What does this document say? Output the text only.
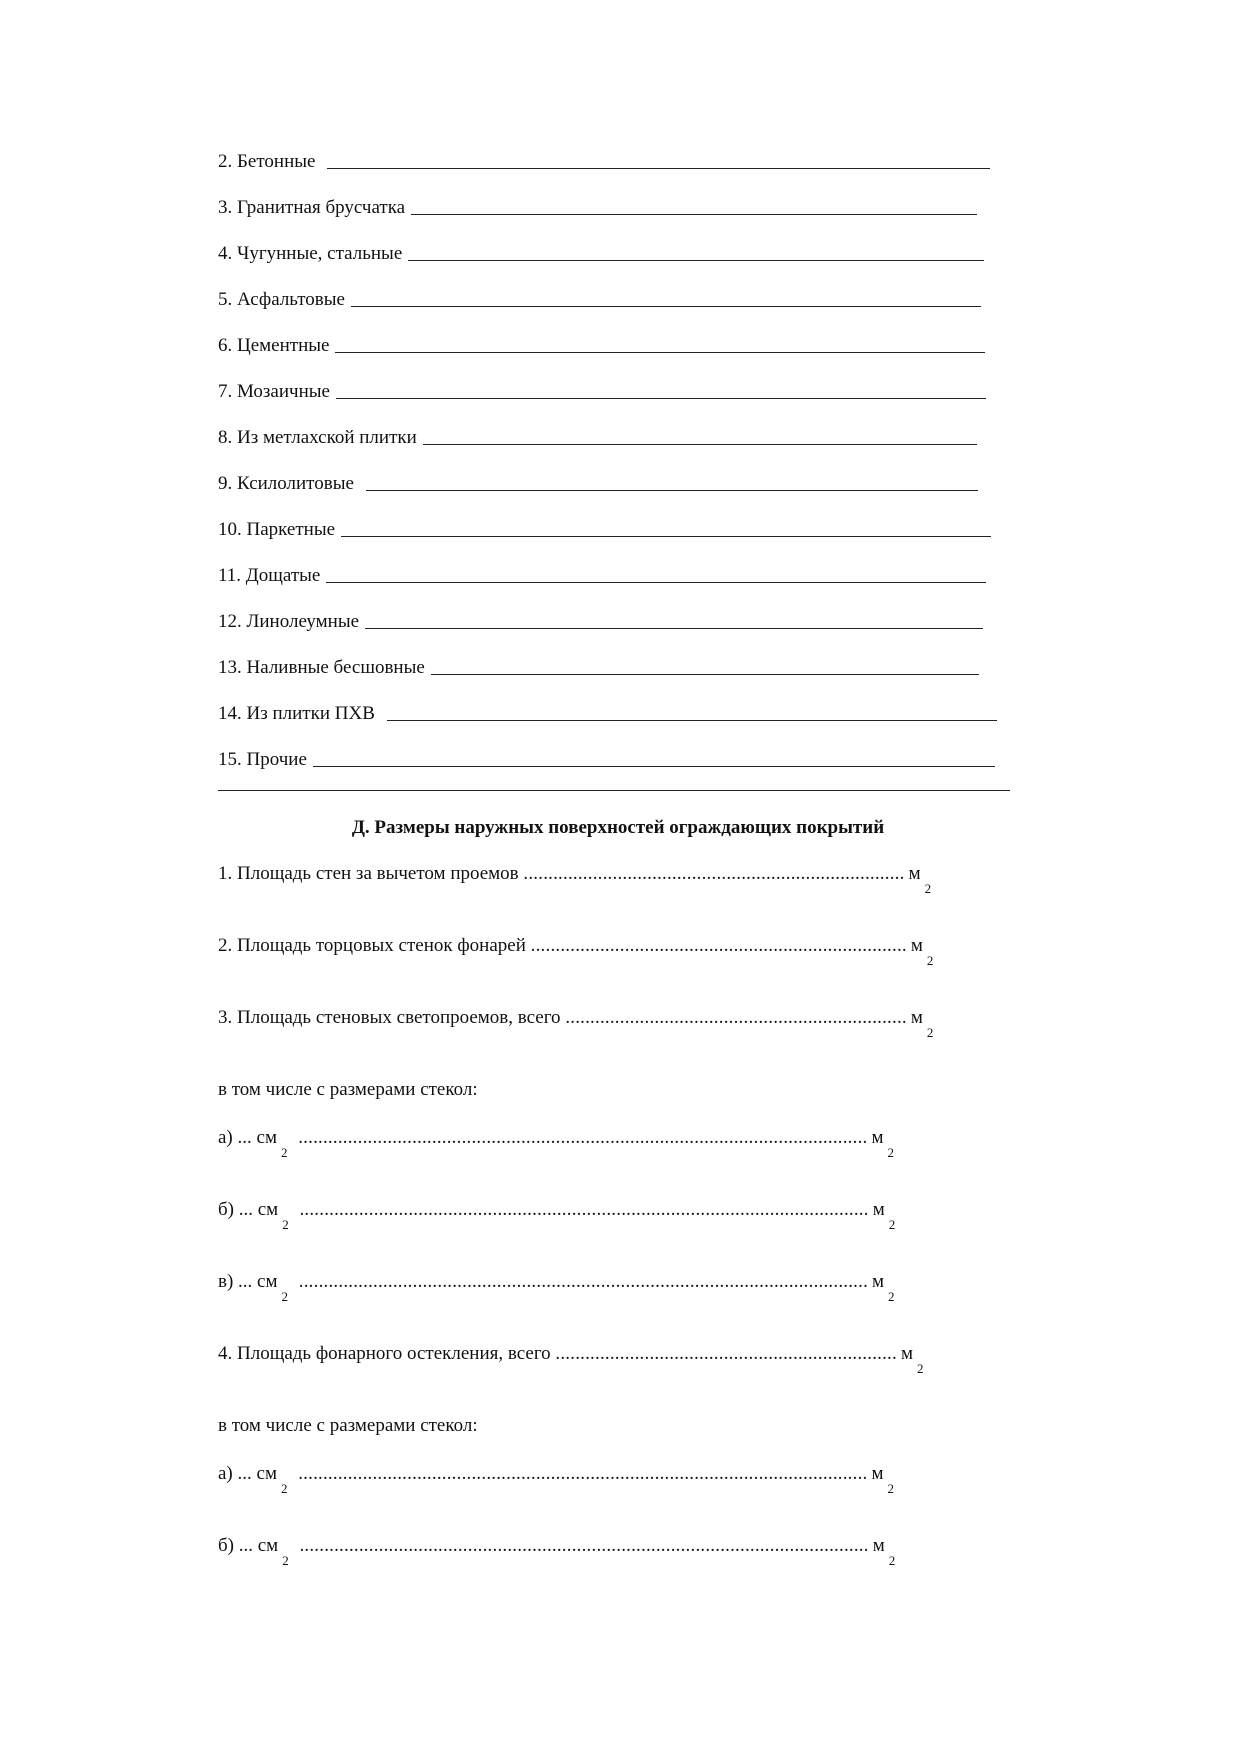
2. Бетонные
3. Гранитная брусчатка
4. Чугунные, стальные
5. Асфальтовые
6. Цементные
7. Мозаичные
8. Из метлахской плитки
9. Ксилолитовые
10. Паркетные
11. Дощатые
12. Линолеумные
13. Наливные бесшовные
14. Из плитки ПХВ
15. Прочие
Д. Размеры наружных поверхностей ограждающих покрытий
1. Площадь стен за вычетом проемов ............................................................................. $м_2$
2. Площадь торцовых стенок фонарей ............................................................................ $м_2$
3. Площадь стеновых светопроемов, всего ..................................................................... $м_2$
в том числе с размерами стекол:
а) ... $см_2$ ................................................................................................................... $м_2$
б) ... $см_2$ ................................................................................................................... $м_2$
в) ... $см_2$ ................................................................................................................... $м_2$
4. Площадь фонарного остекления, всего ..................................................................... $м_2$
в том числе с размерами стекол:
а) ... $см_2$ ................................................................................................................... $м_2$
б) ... $см_2$ ................................................................................................................... $м_2$
